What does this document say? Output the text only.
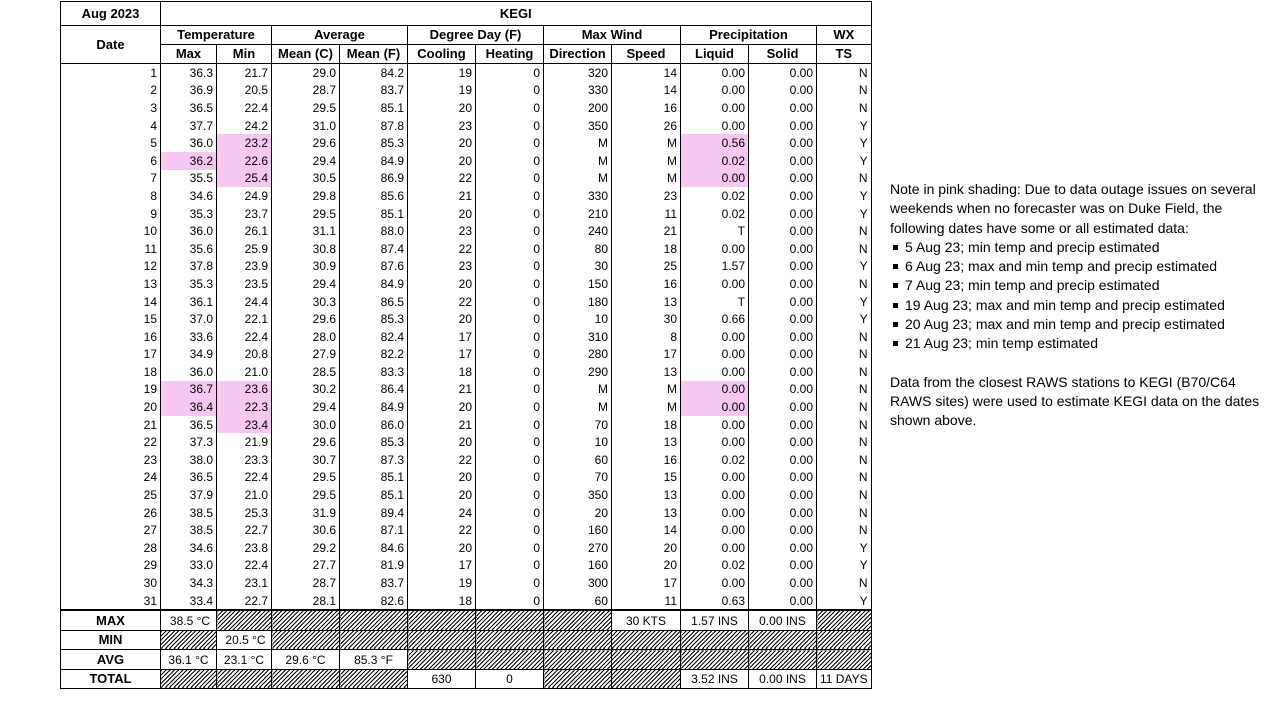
Aug 2023	KEGI										
Date	Temperature		Average		Degree Day (F)		Max Wind		Precipitation		WX
	Max	Min	Mean (C)	Mean (F)	Cooling	Heating	Direction	Speed	Liquid	Solid	TS
1	36.3	21.7	29.0	84.2	19	0	320	14	0.00	0.00	N
2	36.9	20.5	28.7	83.7	19	0	330	14	0.00	0.00	N
3	36.5	22.4	29.5	85.1	20	0	200	16	0.00	0.00	N
4	37.7	24.2	31.0	87.8	23	0	350	26	0.00	0.00	Y
5	36.0	23.2	29.6	85.3	20	0	M	M	0.56	0.00	Y
6	36.2	22.6	29.4	84.9	20	0	M	M	0.02	0.00	Y
7	35.5	25.4	30.5	86.9	22	0	M	M	0.00	0.00	N
8	34.6	24.9	29.8	85.6	21	0	330	23	0.02	0.00	Y
9	35.3	23.7	29.5	85.1	20	0	210	11	0.02	0.00	Y
10	36.0	26.1	31.1	88.0	23	0	240	21	T	0.00	N
11	35.6	25.9	30.8	87.4	22	0	80	18	0.00	0.00	N
12	37.8	23.9	30.9	87.6	23	0	30	25	1.57	0.00	Y
13	35.3	23.5	29.4	84.9	20	0	150	16	0.00	0.00	N
14	36.1	24.4	30.3	86.5	22	0	180	13	T	0.00	Y
15	37.0	22.1	29.6	85.3	20	0	10	30	0.66	0.00	Y
16	33.6	22.4	28.0	82.4	17	0	310	8	0.00	0.00	N
17	34.9	20.8	27.9	82.2	17	0	280	17	0.00	0.00	N
18	36.0	21.0	28.5	83.3	18	0	290	13	0.00	0.00	N
19	36.7	23.6	30.2	86.4	21	0	M	M	0.00	0.00	N
20	36.4	22.3	29.4	84.9	20	0	M	M	0.00	0.00	N
21	36.5	23.4	30.0	86.0	21	0	70	18	0.00	0.00	N
22	37.3	21.9	29.6	85.3	20	0	10	13	0.00	0.00	N
23	38.0	23.3	30.7	87.3	22	0	60	16	0.02	0.00	N
24	36.5	22.4	29.5	85.1	20	0	70	15	0.00	0.00	N
25	37.9	21.0	29.5	85.1	20	0	350	13	0.00	0.00	N
26	38.5	25.3	31.9	89.4	24	0	20	13	0.00	0.00	N
27	38.5	22.7	30.6	87.1	22	0	160	14	0.00	0.00	N
28	34.6	23.8	29.2	84.6	20	0	270	20	0.00	0.00	Y
29	33.0	22.4	27.7	81.9	17	0	160	20	0.02	0.00	Y
30	34.3	23.1	28.7	83.7	19	0	300	17	0.00	0.00	N
31	33.4	22.7	28.1	82.6	18	0	60	11	0.63	0.00	Y
MAX	38.5 °C							30 KTS	1.57 INS	0.00 INS	
MIN		20.5 °C									
AVG	36.1 °C	23.1 °C	29.6 °C	85.3 °F							
TOTAL					630	0			3.52 INS	0.00 INS	11 DAYS

Note in pink shading: Due to data outage issues on several weekends when no forecaster was on Duke Field, the following dates have some or all estimated data:

5 Aug 23; min temp and precip estimated
6 Aug 23; max and min temp and precip estimated
7 Aug 23; min temp and precip estimated
19 Aug 23; max and min temp and precip estimated
20 Aug 23; max and min temp and precip estimated
21 Aug 23; min temp estimated

Data from the closest RAWS stations to KEGI (B70/C64 RAWS sites) were used to estimate KEGI data on the dates shown above.
